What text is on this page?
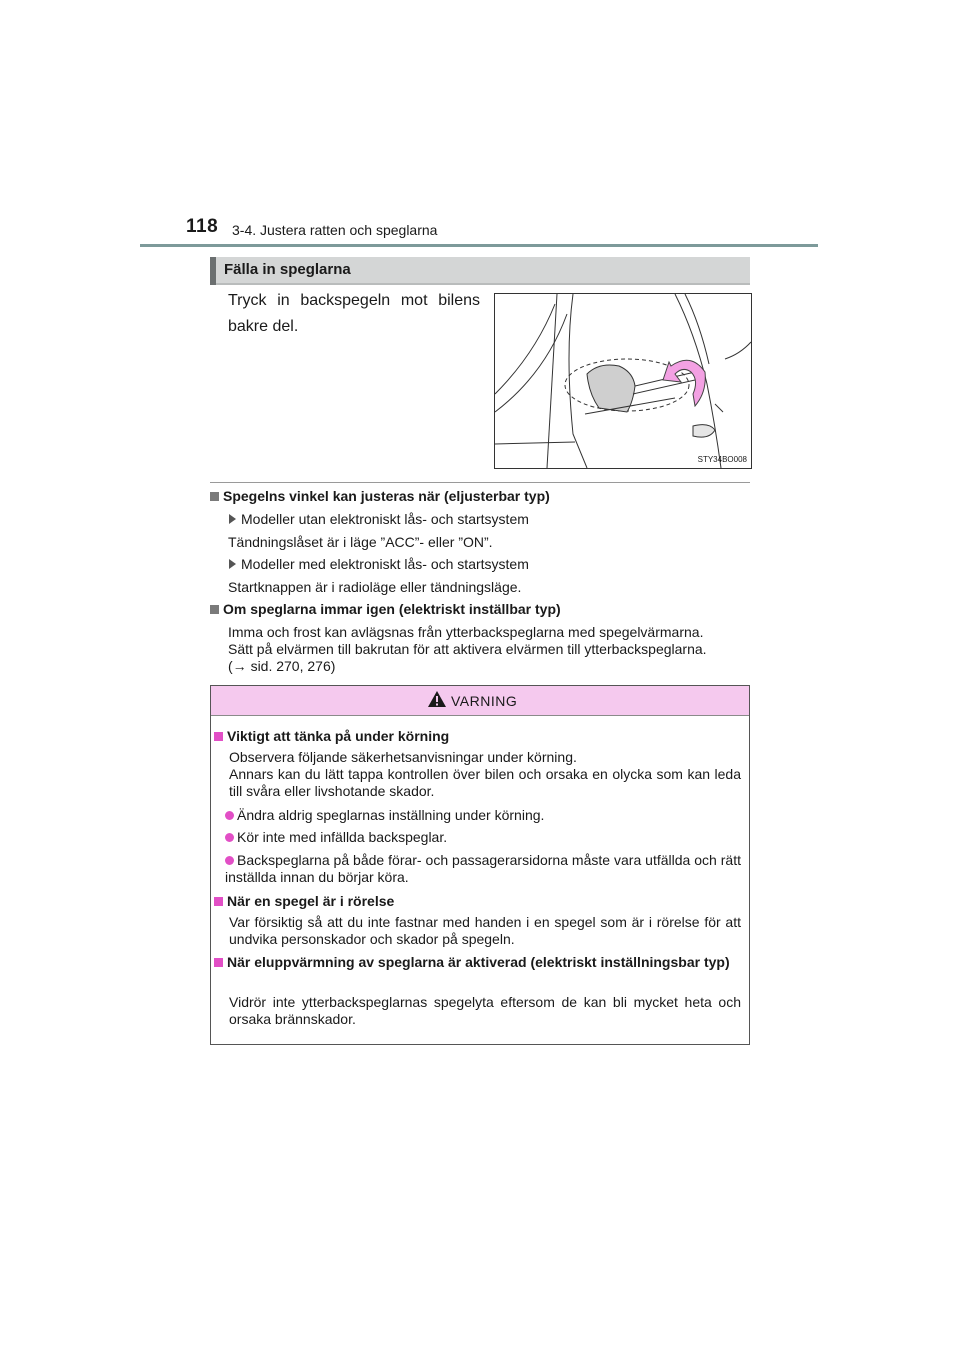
118 3-4. Justera ratten och speglarna
Fälla in speglarna
Tryck in backspegeln mot bilens bakre del.
STY34BO008
Spegelns vinkel kan justeras när (eljusterbar typ)
Modeller utan elektroniskt lås- och startsystem
Tändningslåset är i läge ”ACC”- eller ”ON”.
Modeller med elektroniskt lås- och startsystem
Startknappen är i radioläge eller tändningsläge.
Om speglarna immar igen (elektriskt inställbar typ)
Imma och frost kan avlägsnas från ytterbackspeglarna med spegelvärmarna.
Sätt på elvärmen till bakrutan för att aktivera elvärmen till ytterbackspeglarna.
(→ sid. 270, 276)
VARNING
Viktigt att tänka på under körning
Observera följande säkerhetsanvisningar under körning.
Annars kan du lätt tappa kontrollen över bilen och orsaka en olycka som kan leda till svåra eller livshotande skador.
Ändra aldrig speglarnas inställning under körning.
Kör inte med infällda backspeglar.
Backspeglarna på både förar- och passagerarsidorna måste vara utfällda och rätt inställda innan du börjar köra.
När en spegel är i rörelse
Var försiktig så att du inte fastnar med handen i en spegel som är i rörelse för att undvika personskador och skador på spegeln.
När eluppvärmning av speglarna är aktiverad (elektriskt inställningsbar typ)
Vidrör inte ytterbackspeglarnas spegelyta eftersom de kan bli mycket heta och orsaka brännskador.
